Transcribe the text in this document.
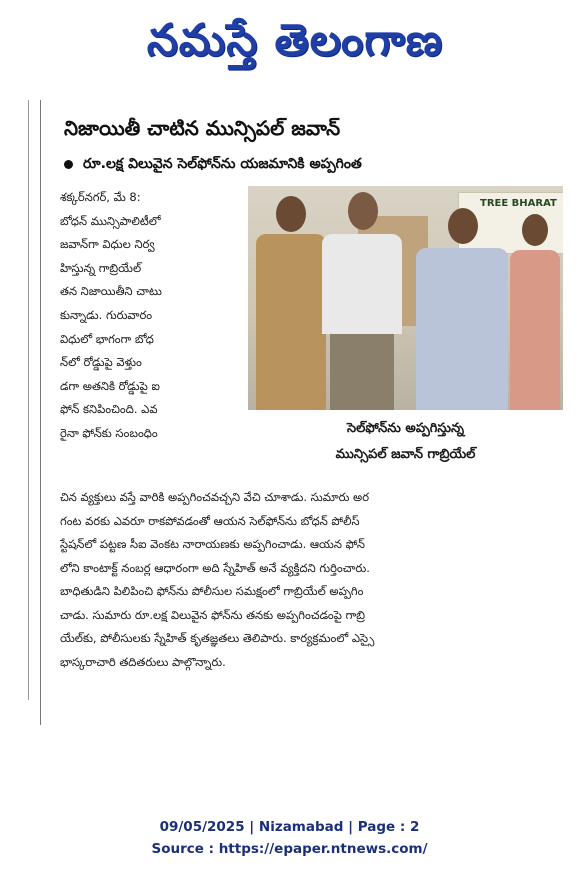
నమస్తే తెలంగాణ
నిజాయితీ చాటిన మున్సిపల్ జవాన్
రూ.లక్ష విలువైన సెల్‌ఫోన్‌ను యజమానికి అప్పగింత

శక్కర్‌నగర్, మే 8:

బోధన్ మున్సిపాలిటీలో

జవాన్‌గా విధుల నిర్వ

హిస్తున్న గాబ్రియేల్

తన నిజాయితీని చాటు

కున్నాడు. గురువారం

విధులో భాగంగా బోధ

న్‌లో రోడ్డుపై వెళ్తుం

డగా అతనికి రోడ్డుపై ఐ

ఫోన్ కనిపించింది. ఎవ

రైనా ఫోన్‌కు సంబంధిం

TREE BHARAT
సెల్‌ఫోన్‌ను అప్పగిస్తున్న
మున్సిపల్ జవాన్ గాబ్రియేల్

చిన వ్యక్తులు వస్తే వారికి అప్పగించవచ్చని వేచి చూశాడు. సుమారు అర

గంట వరకు ఎవరూ రాకపోవడంతో ఆయన సెల్‌ఫోన్‌ను బోధన్ పోలీస్

స్టేషన్‌లో పట్టణ సీఐ వెంకట నారాయణకు అప్పగించాడు. ఆయన ఫోన్

లోని కాంటాక్ట్ నంబర్ల ఆధారంగా అది స్నేహిత్ అనే వ్యక్తిదని గుర్తించారు.

బాధితుడిని పిలిపించి ఫోన్‌ను పోలీసుల సమక్షంలో గాబ్రియేల్ అప్పగిం

చాడు. సుమారు రూ.లక్ష విలువైన ఫోన్‌ను తనకు అప్పగించడంపై గాబ్రి

యేల్‌కు, పోలీసులకు స్నేహిత్ కృతజ్ఞతలు తెలిపారు. కార్యక్రమంలో ఎస్సై

భాస్కరాచారి తదితరులు పాల్గొన్నారు.

09/05/2025 | Nizamabad | Page : 2
Source : https://epaper.ntnews.com/
